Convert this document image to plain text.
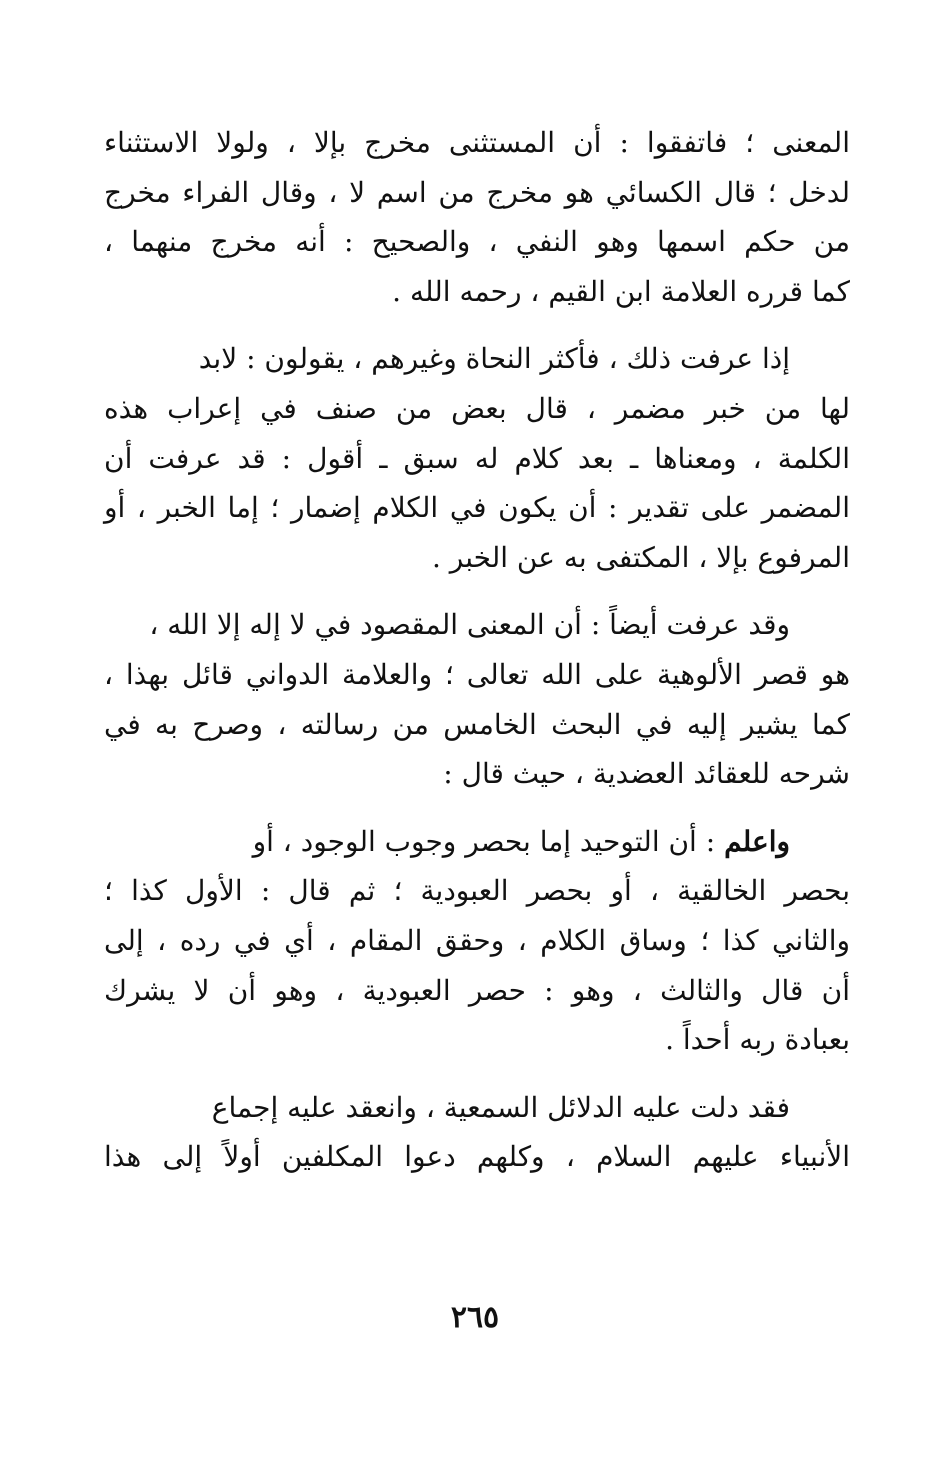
المعنى ؛ فاتفقوا : أن المستثنى مخرج بإلا ، ولولا الاستثناء
لدخل ؛ قال الكسائي هو مخرج من اسم لا ، وقال الفراء مخرج
من حكم اسمها وهو النفي ، والصحيح : أنه مخرج منهما ،
كما قرره العلامة ابن القيم ، رحمه الله .

إذا عرفت ذلك ، فأكثر النحاة وغيرهم ، يقولون : لابد
لها من خبر مضمر ، قال بعض من صنف في إعراب هذه
الكلمة ، ومعناها ـ بعد كلام له سبق ـ أقول : قد عرفت أن
المضمر على تقدير : أن يكون في الكلام إضمار ؛ إما الخبر ، أو
المرفوع بإلا ، المكتفى به عن الخبر .

وقد عرفت أيضاً : أن المعنى المقصود في لا إله إلا الله ،
هو قصر الألوهية على الله تعالى ؛ والعلامة الدواني قائل بهذا ،
كما يشير إليه في البحث الخامس من رسالته ، وصرح به في
شرحه للعقائد العضدية ، حيث قال :

واعلم : أن التوحيد إما بحصر وجوب الوجود ، أو
بحصر الخالقية ، أو بحصر العبودية ؛ ثم قال : الأول كذا ؛
والثاني كذا ؛ وساق الكلام ، وحقق المقام ، أي في رده ، إلى
أن قال والثالث ، وهو : حصر العبودية ، وهو أن لا يشرك
بعبادة ربه أحداً .

فقد دلت عليه الدلائل السمعية ، وانعقد عليه إجماع
الأنبياء عليهم السلام ، وكلهم دعوا المكلفين أولاً إلى هذا

٢٦٥
